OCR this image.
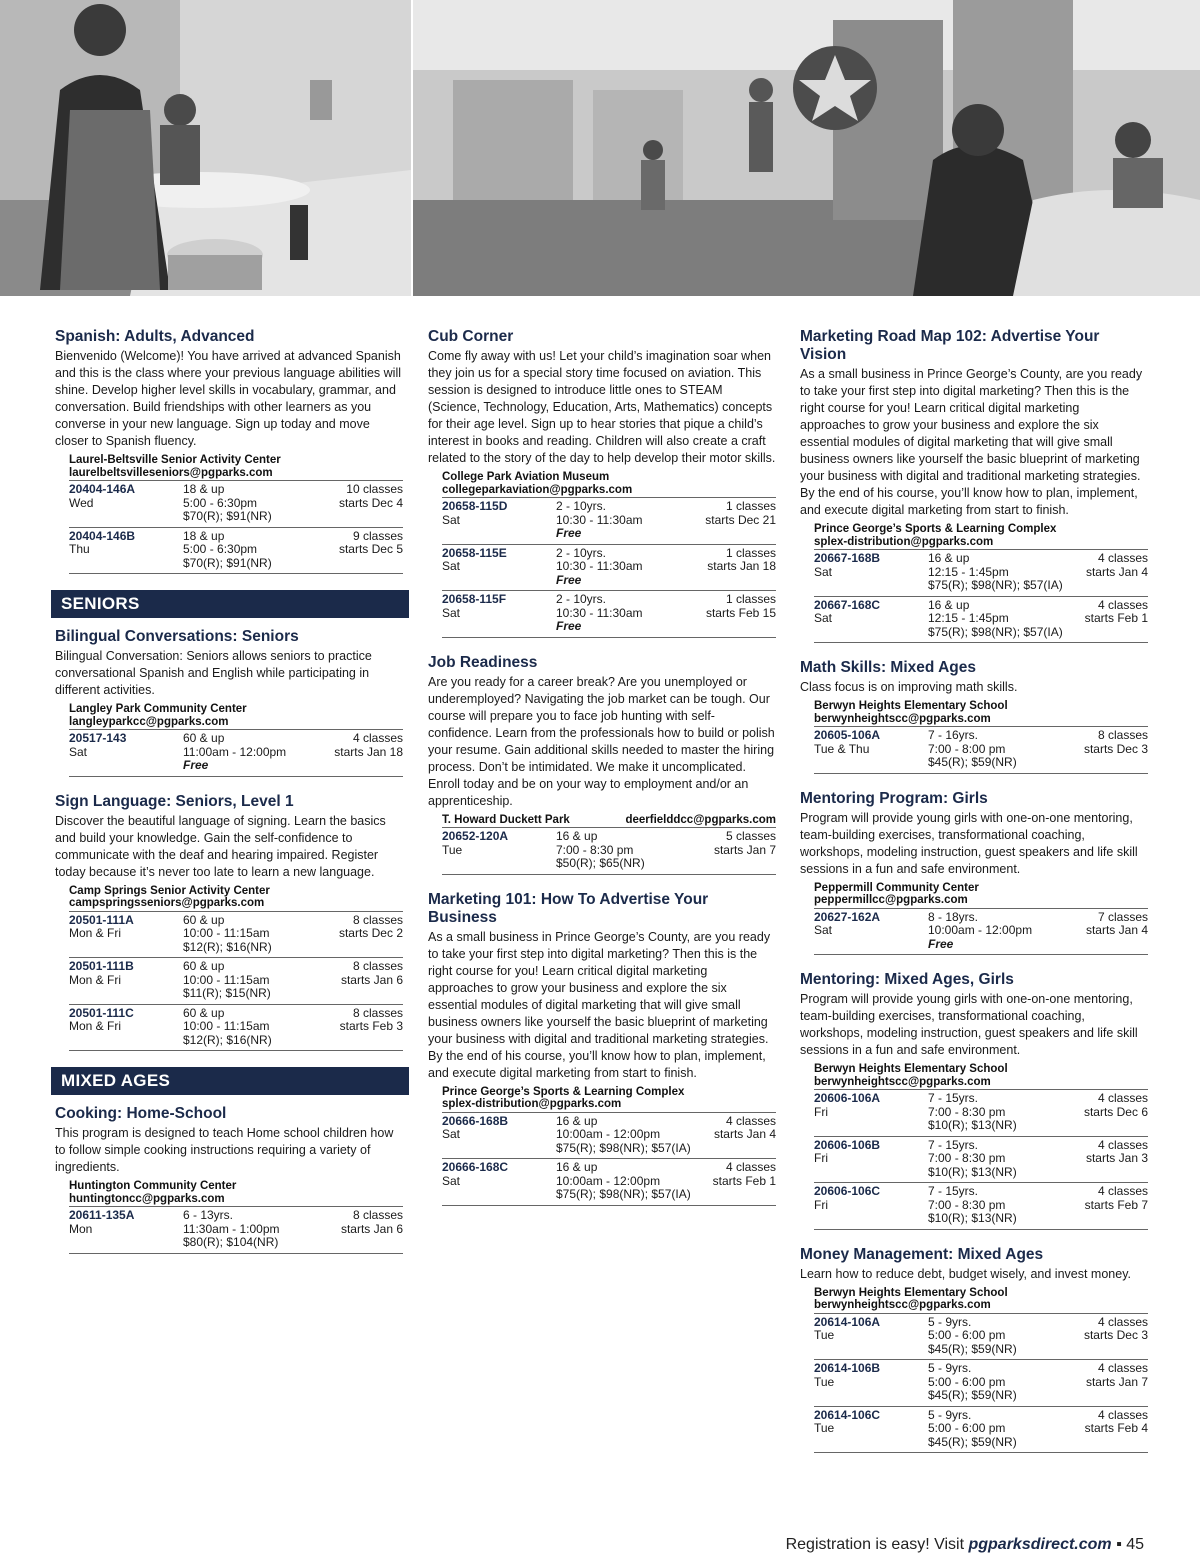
Spanish: Adults, Advanced

Bienvenido (Welcome)! You have arrived at advanced Spanish and this is the class where your previous language abilities will shine. Develop higher level skills in vocabulary, grammar, and conversation. Build friendships with other learners as you converse in your new language. Sign up today and move closer to Spanish fluency.

Laurel-Beltsville Senior Activity Center
laurelbeltsvilleseniors@pgparks.com
20404-146A	18 & up	10 classes
Wed	5:00 - 6:30pm	starts Dec 4
$70(R); $91(NR)
20404-146B	18 & up	9 classes
Thu	5:00 - 6:30pm	starts Dec 5
$70(R); $91(NR)
SENIORS
Bilingual Conversations: Seniors

Bilingual Conversation: Seniors allows seniors to practice conversational Spanish and English while participating in different activities.

Langley Park Community Center
langleyparkcc@pgparks.com
20517-143	60 & up	4 classes
Sat	11:00am - 12:00pm	starts Jan 18
Free
Sign Language: Seniors, Level 1

Discover the beautiful language of signing. Learn the basics and build your knowledge. Gain the self-confidence to communicate with the deaf and hearing impaired. Register today because it’s never too late to learn a new language.

Camp Springs Senior Activity Center
campspringsseniors@pgparks.com
20501-111A	60 & up	8 classes
Mon & Fri	10:00 - 11:15am	starts Dec 2
$12(R); $16(NR)
20501-111B	60 & up	8 classes
Mon & Fri	10:00 - 11:15am	starts Jan 6
$11(R); $15(NR)
20501-111C	60 & up	8 classes
Mon & Fri	10:00 - 11:15am	starts Feb 3
$12(R); $16(NR)
MIXED AGES
Cooking: Home-School

This program is designed to teach Home school children how to follow simple cooking instructions requiring a variety of ingredients.

Huntington Community Center
huntingtoncc@pgparks.com
20611-135A	6 - 13yrs.	8 classes
Mon	11:30am - 1:00pm	starts Jan 6
$80(R); $104(NR)
Cub Corner

Come fly away with us! Let your child’s imagination soar when they join us for a special story time focused on aviation. This session is designed to introduce little ones to STEAM (Science, Technology, Education, Arts, Mathematics) concepts for their age level. Sign up to hear stories that pique a child’s interest in books and reading. Children will also create a craft related to the story of the day to help develop their motor skills.

College Park Aviation Museum
collegeparkaviation@pgparks.com
20658-115D	2 - 10yrs.	1 classes
Sat	10:30 - 11:30am	starts Dec 21
Free
20658-115E	2 - 10yrs.	1 classes
Sat	10:30 - 11:30am	starts Jan 18
Free
20658-115F	2 - 10yrs.	1 classes
Sat	10:30 - 11:30am	starts Feb 15
Free
Job Readiness

Are you ready for a career break? Are you unemployed or underemployed? Navigating the job market can be tough. Our course will prepare you to face job hunting with self-confidence. Learn from the professionals how to build or polish your resume. Gain additional skills needed to master the hiring process. Don’t be intimidated. We make it uncomplicated. Enroll today and be on your way to employment and/or an apprenticeship.

T. Howard Duckett Park	deerfielddcc@pgparks.com
20652-120A	16 & up	5 classes
Tue	7:00 - 8:30 pm	starts Jan 7
$50(R); $65(NR)
Marketing 101: How To Advertise Your Business

As a small business in Prince George’s County, are you ready to take your first step into digital marketing? Then this is the right course for you! Learn critical digital marketing approaches to grow your business and explore the six essential modules of digital marketing that will give small business owners like yourself the basic blueprint of marketing your business with digital and traditional marketing strategies. By the end of his course, you’ll know how to plan, implement, and execute digital marketing from start to finish.

Prince George’s Sports & Learning Complex
splex-distribution@pgparks.com
20666-168B	16 & up	4 classes
Sat	10:00am - 12:00pm	starts Jan 4
$75(R); $98(NR); $57(IA)
20666-168C	16 & up	4 classes
Sat	10:00am - 12:00pm	starts Feb 1
$75(R); $98(NR); $57(IA)
Marketing Road Map 102: Advertise Your Vision

As a small business in Prince George’s County, are you ready to take your first step into digital marketing? Then this is the right course for you! Learn critical digital marketing approaches to grow your business and explore the six essential modules of digital marketing that will give small business owners like yourself the basic blueprint of marketing your business with digital and traditional marketing strategies. By the end of his course, you’ll know how to plan, implement, and execute digital marketing from start to finish.

Prince George’s Sports & Learning Complex
splex-distribution@pgparks.com
20667-168B	16 & up	4 classes
Sat	12:15 - 1:45pm	starts Jan 4
$75(R); $98(NR); $57(IA)
20667-168C	16 & up	4 classes
Sat	12:15 - 1:45pm	starts Feb 1
$75(R); $98(NR); $57(IA)
Math Skills: Mixed Ages

Class focus is on improving math skills.

Berwyn Heights Elementary School
berwynheightscc@pgparks.com
20605-106A	7 - 16yrs.	8 classes
Tue & Thu	7:00 - 8:00 pm	starts Dec 3
$45(R); $59(NR)
Mentoring Program: Girls

Program will provide young girls with one-on-one mentoring, team-building exercises, transformational coaching, workshops, modeling instruction, guest speakers and life skill sessions in a fun and safe environment.

Peppermill Community Center
peppermillcc@pgparks.com
20627-162A	8 - 18yrs.	7 classes
Sat	10:00am - 12:00pm	starts Jan 4
Free
Mentoring: Mixed Ages, Girls

Program will provide young girls with one-on-one mentoring, team-building exercises, transformational coaching, workshops, modeling instruction, guest speakers and life skill sessions in a fun and safe environment.

Berwyn Heights Elementary School
berwynheightscc@pgparks.com
20606-106A	7 - 15yrs.	4 classes
Fri	7:00 - 8:30 pm	starts Dec 6
$10(R); $13(NR)
20606-106B	7 - 15yrs.	4 classes
Fri	7:00 - 8:30 pm	starts Jan 3
$10(R); $13(NR)
20606-106C	7 - 15yrs.	4 classes
Fri	7:00 - 8:30 pm	starts Feb 7
$10(R); $13(NR)
Money Management: Mixed Ages

Learn how to reduce debt, budget wisely, and invest money.

Berwyn Heights Elementary School
berwynheightscc@pgparks.com
20614-106A	5 - 9yrs.	4 classes
Tue	5:00 - 6:00 pm	starts Dec 3
$45(R); $59(NR)
20614-106B	5 - 9yrs.	4 classes
Tue	5:00 - 6:00 pm	starts Jan 7
$45(R); $59(NR)
20614-106C	5 - 9yrs.	4 classes
Tue	5:00 - 6:00 pm	starts Feb 4
$45(R); $59(NR)
Registration is easy! Visit pgparksdirect.com ▪ 45
